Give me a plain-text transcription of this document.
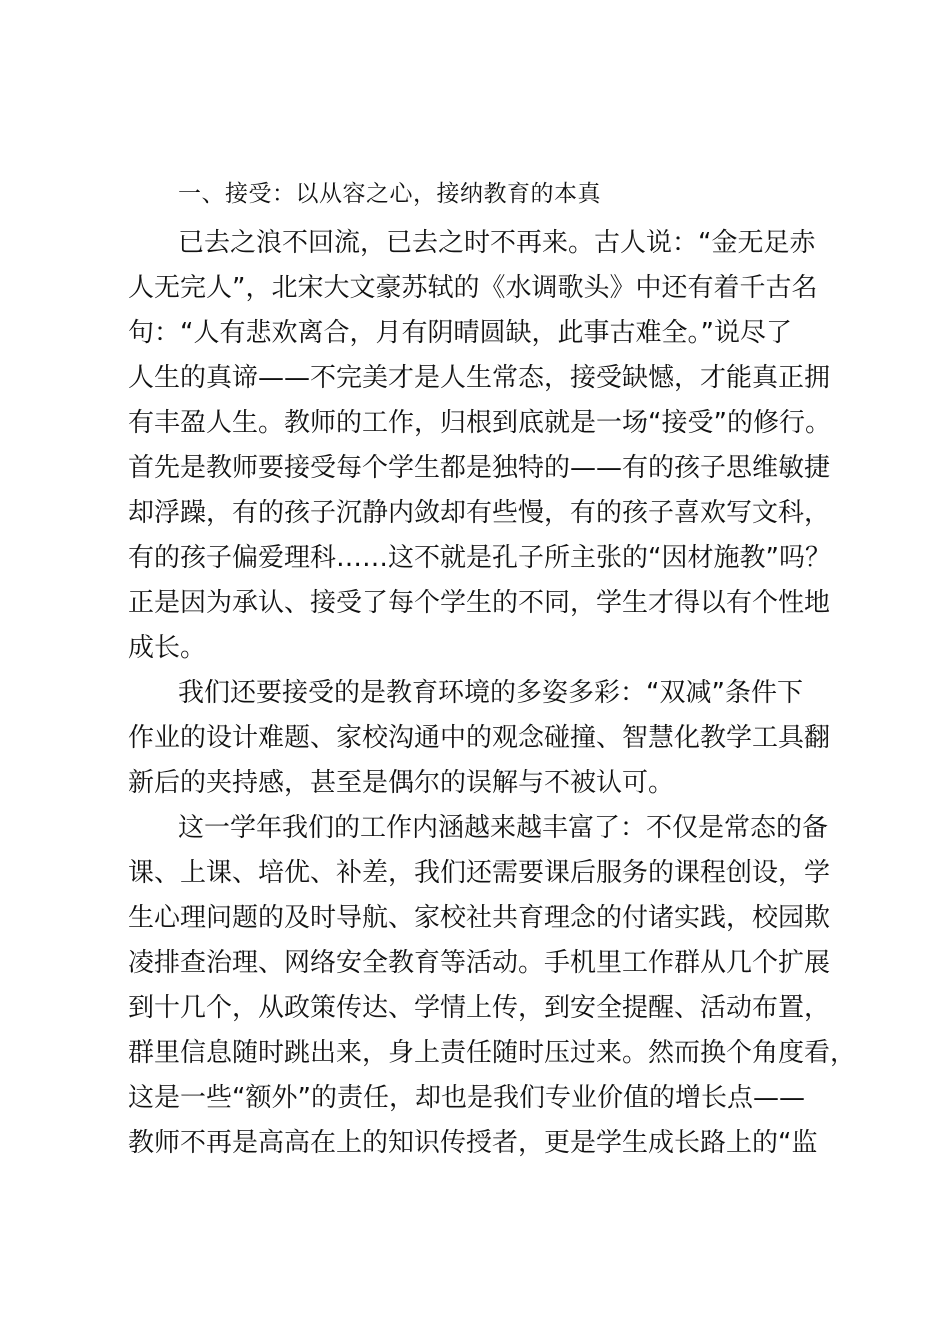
一、接受：以从容之心，接纳教育的本真
已去之浪不回流，已去之时不再来。古人说：“金无足赤
人无完人”，北宋大文豪苏轼的《水调歌头》中还有着千古名
句：“人有悲欢离合，月有阴晴圆缺，此事古难全。”说尽了
人生的真谛——不完美才是人生常态，接受缺憾，才能真正拥
有丰盈人生。教师的工作，归根到底就是一场“接受”的修行。
首先是教师要接受每个学生都是独特的——有的孩子思维敏捷
却浮躁，有的孩子沉静内敛却有些慢，有的孩子喜欢写文科，
有的孩子偏爱理科……这不就是孔子所主张的“因材施教”吗？
正是因为承认、接受了每个学生的不同，学生才得以有个性地
成长。
我们还要接受的是教育环境的多姿多彩：“双减”条件下
作业的设计难题、家校沟通中的观念碰撞、智慧化教学工具翻
新后的夹持感，甚至是偶尔的误解与不被认可。
这一学年我们的工作内涵越来越丰富了：不仅是常态的备
课、上课、培优、补差，我们还需要课后服务的课程创设，学
生心理问题的及时导航、家校社共育理念的付诸实践，校园欺
凌排查治理、网络安全教育等活动。手机里工作群从几个扩展
到十几个，从政策传达、学情上传，到安全提醒、活动布置，
群里信息随时跳出来，身上责任随时压过来。然而换个角度看，
这是一些“额外”的责任，却也是我们专业价值的增长点——
教师不再是高高在上的知识传授者，更是学生成长路上的“监
